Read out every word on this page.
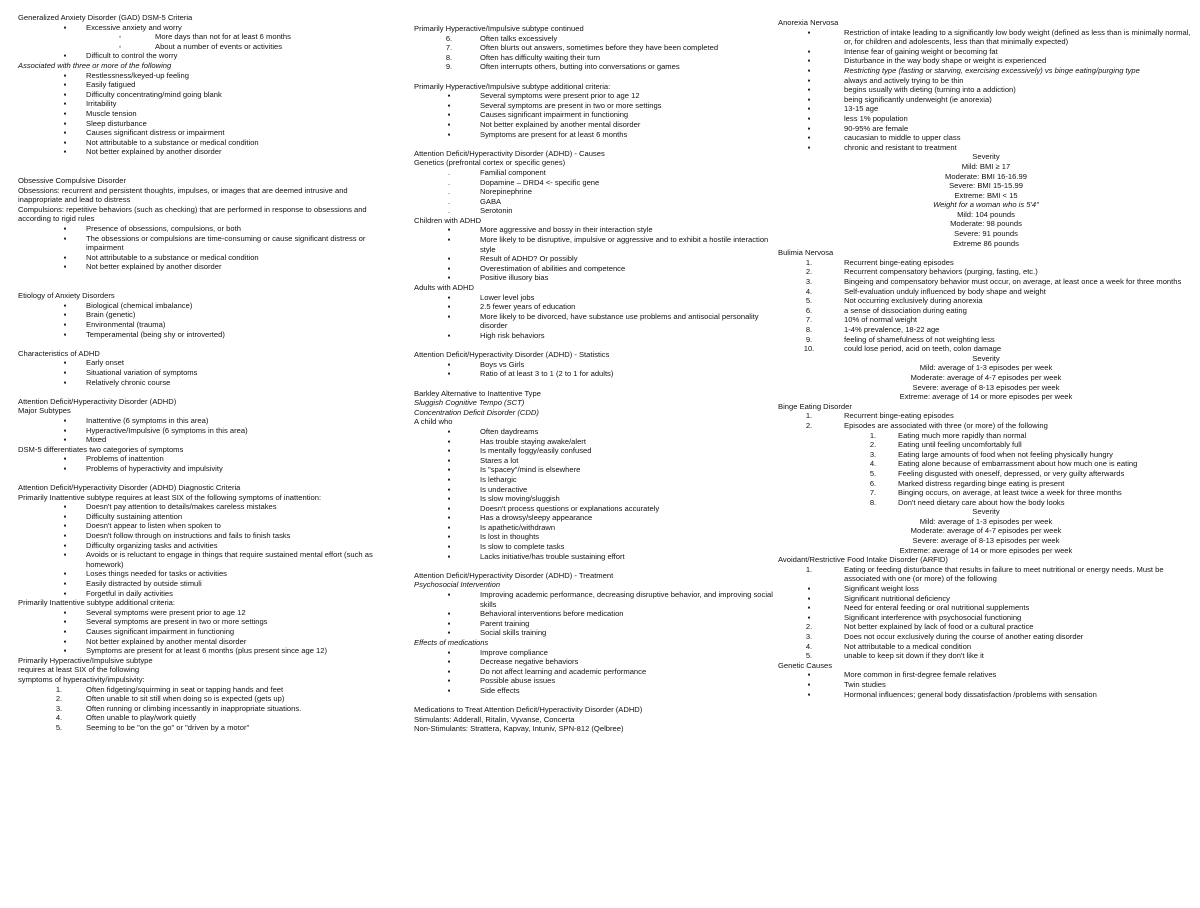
Generalized Anxiety Disorder (GAD) DSM-5 Criteria
▪	Excessive anxiety and worry
◦	More days than not for at least 6 months
◦	About a number of events or activities
▪	Difficult to control the worry
Associated with three or more of the following
▪	Restlessness/keyed-up feeling
▪	Easily fatigued
▪	Difficulty concentrating/mind going blank
▪	Irritability
▪	Muscle tension
▪	Sleep disturbance
▪	Causes significant distress or impairment
▪	Not attributable to a substance or medical condition
▪	Not better explained by another disorder
Obsessive Compulsive Disorder
Obsessions: recurrent and persistent thoughts, impulses, or images that are deemed intrusive and inappropriate and lead to distress
Compulsions: repetitive behaviors (such as checking) that are performed in response to obsessions and according to rigid rules
▪	Presence of obsessions, compulsions, or both
▪	The obsessions or compulsions are time-consuming or cause significant distress or impairment
▪	Not attributable to a substance or medical condition
▪	Not better explained by another disorder
Etiology of Anxiety Disorders
▪	Biological (chemical imbalance)
▪	Brain (genetic)
▪	Environmental (trauma)
▪	Temperamental (being shy or introverted)
Characteristics of ADHD
▪	Early onset
▪	Situational variation of symptoms
▪	Relatively chronic course
Attention Deficit/Hyperactivity Disorder (ADHD)
Major Subtypes
▪	Inattentive (6 symptoms in this area)
▪	Hyperactive/Impulsive (6 symptoms in this area)
▪	Mixed
DSM-5 differentiates two categories of symptoms
▪	Problems of inattention
▪	Problems of hyperactivity and impulsivity
Attention Deficit/Hyperactivity Disorder (ADHD) Diagnostic Criteria
Primarily Inattentive subtype requires at least SIX of the following symptoms of inattention:
▪	Doesn't pay attention to details/makes careless mistakes
▪	Difficulty sustaining attention
▪	Doesn't appear to listen when spoken to
▪	Doesn't follow through on instructions and fails to finish tasks
▪	Difficulty organizing tasks and activities
▪	Avoids or is reluctant to engage in things that require sustained mental effort (such as homework)
▪	Loses things needed for tasks or activities
▪	Easily distracted by outside stimuli
▪	Forgetful in daily activities
Primarily Inattentive subtype additional criteria:
▪	Several symptoms were present prior to age 12
▪	Several symptoms are present in two or more settings
▪	Causes significant impairment in functioning
▪	Not better explained by another mental disorder
▪	Symptoms are present for at least 6 months (plus present since age 12)
Primarily Hyperactive/Impulsive subtype requires at least SIX of the following symptoms of hyperactivity/impulsivity:
1.	Often fidgeting/squirming in seat or tapping hands and feet
2.	Often unable to sit still when doing so is expected (gets up)
3.	Often running or climbing incessantly in inappropriate situations.
4.	Often unable to play/work quietly
5.	Seeming to be "on the go" or "driven by a motor"
Primarily Hyperactive/Impulsive subtype continued
6.	Often talks excessively
7.	Often blurts out answers, sometimes before they have been completed
8.	Often has difficulty waiting their turn
9.	Often interrupts others, butting into conversations or games
Primarily Hyperactive/Impulsive subtype additional criteria:
▪	Several symptoms were present prior to age 12
▪	Several symptoms are present in two or more settings
▪	Causes significant impairment in functioning
▪	Not better explained by another mental disorder
▪	Symptoms are present for at least 6 months
Attention Deficit/Hyperactivity Disorder (ADHD) - Causes
Genetics (prefrontal cortex or specific genes)
.	Familial component
.	Dopamine – DRD4 <- specific gene
.	Norepinephrine
.	GABA
.	Serotonin
Children with ADHD
▪	More aggressive and bossy in their interaction style
▪	More likely to be disruptive, impulsive or aggressive and to exhibit a hostile interaction style
▪	Result of ADHD? Or possibly
▪	Overestimation of abilities and competence
▪	Positive illusory bias
Adults with ADHD
▪	Lower level jobs
▪	2.5 fewer years of education
▪	More likely to be divorced, have substance use problems and antisocial personality disorder
▪	High risk behaviors
Attention Deficit/Hyperactivity Disorder (ADHD) - Statistics
▪	Boys vs Girls
▪	Ratio of at least 3 to 1 (2 to 1 for adults)
Barkley Alternative to Inattentive Type
Sluggish Cognitive Tempo (SCT)
Concentration Deficit Disorder (CDD)
A child who
▪	Often daydreams
▪	Has trouble staying awake/alert
▪	Is mentally foggy/easily confused
▪	Stares a lot
▪	Is "spacey"/mind is elsewhere
▪	Is lethargic
▪	Is underactive
▪	Is slow moving/sluggish
▪	Doesn't process questions or explanations accurately
▪	Has a drowsy/sleepy appearance
▪	Is apathetic/withdrawn
▪	Is lost in thoughts
▪	Is slow to complete tasks
▪	Lacks initiative/has trouble sustaining effort
Attention Deficit/Hyperactivity Disorder (ADHD) - Treatment
Psychosocial Intervention
▪	Improving academic performance, decreasing disruptive behavior, and improving social skills
▪	Behavioral interventions before medication
▪	Parent training
▪	Social skills training
Effects of medications
▪	Improve compliance
▪	Decrease negative behaviors
▪	Do not affect learning and academic performance
▪	Possible abuse issues
▪	Side effects
Medications to Treat Attention Deficit/Hyperactivity Disorder (ADHD)
Stimulants: Adderall, Ritalin, Vyvanse, Concerta
Non-Stimulants: Strattera, Kapvay, Intuniv, SPN-812 (Qelbree)
Anorexia Nervosa
▪	Restriction of intake leading to a significantly low body weight (defined as less than is minimally normal, or, for children and adolescents, less than that minimally expected)
▪	Intense fear of gaining weight or becoming fat
▪	Disturbance in the way body shape or weight is experienced
▪	Restricting type (fasting or starving, exercising excessively) vs binge eating/purging type
▪	always and actively trying to be thin
▪	begins usually with dieting (turning into a addiction)
▪	being significantly underweight (ie anorexia)
▪	13-15 age
▪	less 1% population
▪	90-95% are female
▪	caucasian to middle to upper class
▪	chronic and resistant to treatment
Severity
Mild: BMI ≥ 17
Moderate: BMI 16-16.99
Severe: BMI 15-15.99
Extreme: BMI < 15
Weight for a woman who is 5'4"
Mild: 104 pounds
Moderate: 98 pounds
Severe: 91 pounds
Extreme 86 pounds
Bulimia Nervosa
1.	Recurrent binge-eating episodes
2.	Recurrent compensatory behaviors (purging, fasting, etc.)
3.	Bingeing and compensatory behavior must occur, on average, at least once a week for three months
4.	Self-evaluation unduly influenced by body shape and weight
5.	Not occurring exclusively during anorexia
6.	a sense of dissociation during eating
7.	10% of normal weight
8.	1-4% prevalence, 18-22 age
9.	feeling of shamefulness of not weighting less
10.	could lose period, acid on teeth, colon damage
Severity
Mild: average of 1-3 episodes per week
Moderate: average of 4-7 episodes per week
Severe: average of 8-13 episodes per week
Extreme: average of 14 or more episodes per week
Binge Eating Disorder
1.	Recurrent binge-eating episodes
2.	Episodes are associated with three (or more) of the following
1.	Eating much more rapidly than normal
2.	Eating until feeling uncomfortably full
3.	Eating large amounts of food when not feeling physically hungry
4.	Eating alone because of embarrassment about how much one is eating
5.	Feeling disgusted with oneself, depressed, or very guilty afterwards
6.	Marked distress regarding binge eating is present
7.	Binging occurs, on average, at least twice a week for three months
8.	Don't need dietary care about how the body looks
Severity
Mild: average of 1-3 episodes per week
Moderate: average of 4-7 episodes per week
Severe: average of 8-13 episodes per week
Extreme: average of 14 or more episodes per week
Avoidant/Restrictive Food Intake Disorder (ARFID)
1.	Eating or feeding disturbance that results in failure to meet nutritional or energy needs. Must be associated with one (or more) of the following
▪	Significant weight loss
▪	Significant nutritional deficiency
▪	Need for enteral feeding or oral nutritional supplements
▪	Significant interference with psychosocial functioning
2.	Not better explained by lack of food or a cultural practice
3.	Does not occur exclusively during the course of another eating disorder
4.	Not attributable to a medical condition
5.	unable to keep sit down if they don't like it
Genetic Causes
▪	More common in first-degree female relatives
▪	Twin studies
▪	Hormonal influences; general body dissatisfaction /problems with sensation
